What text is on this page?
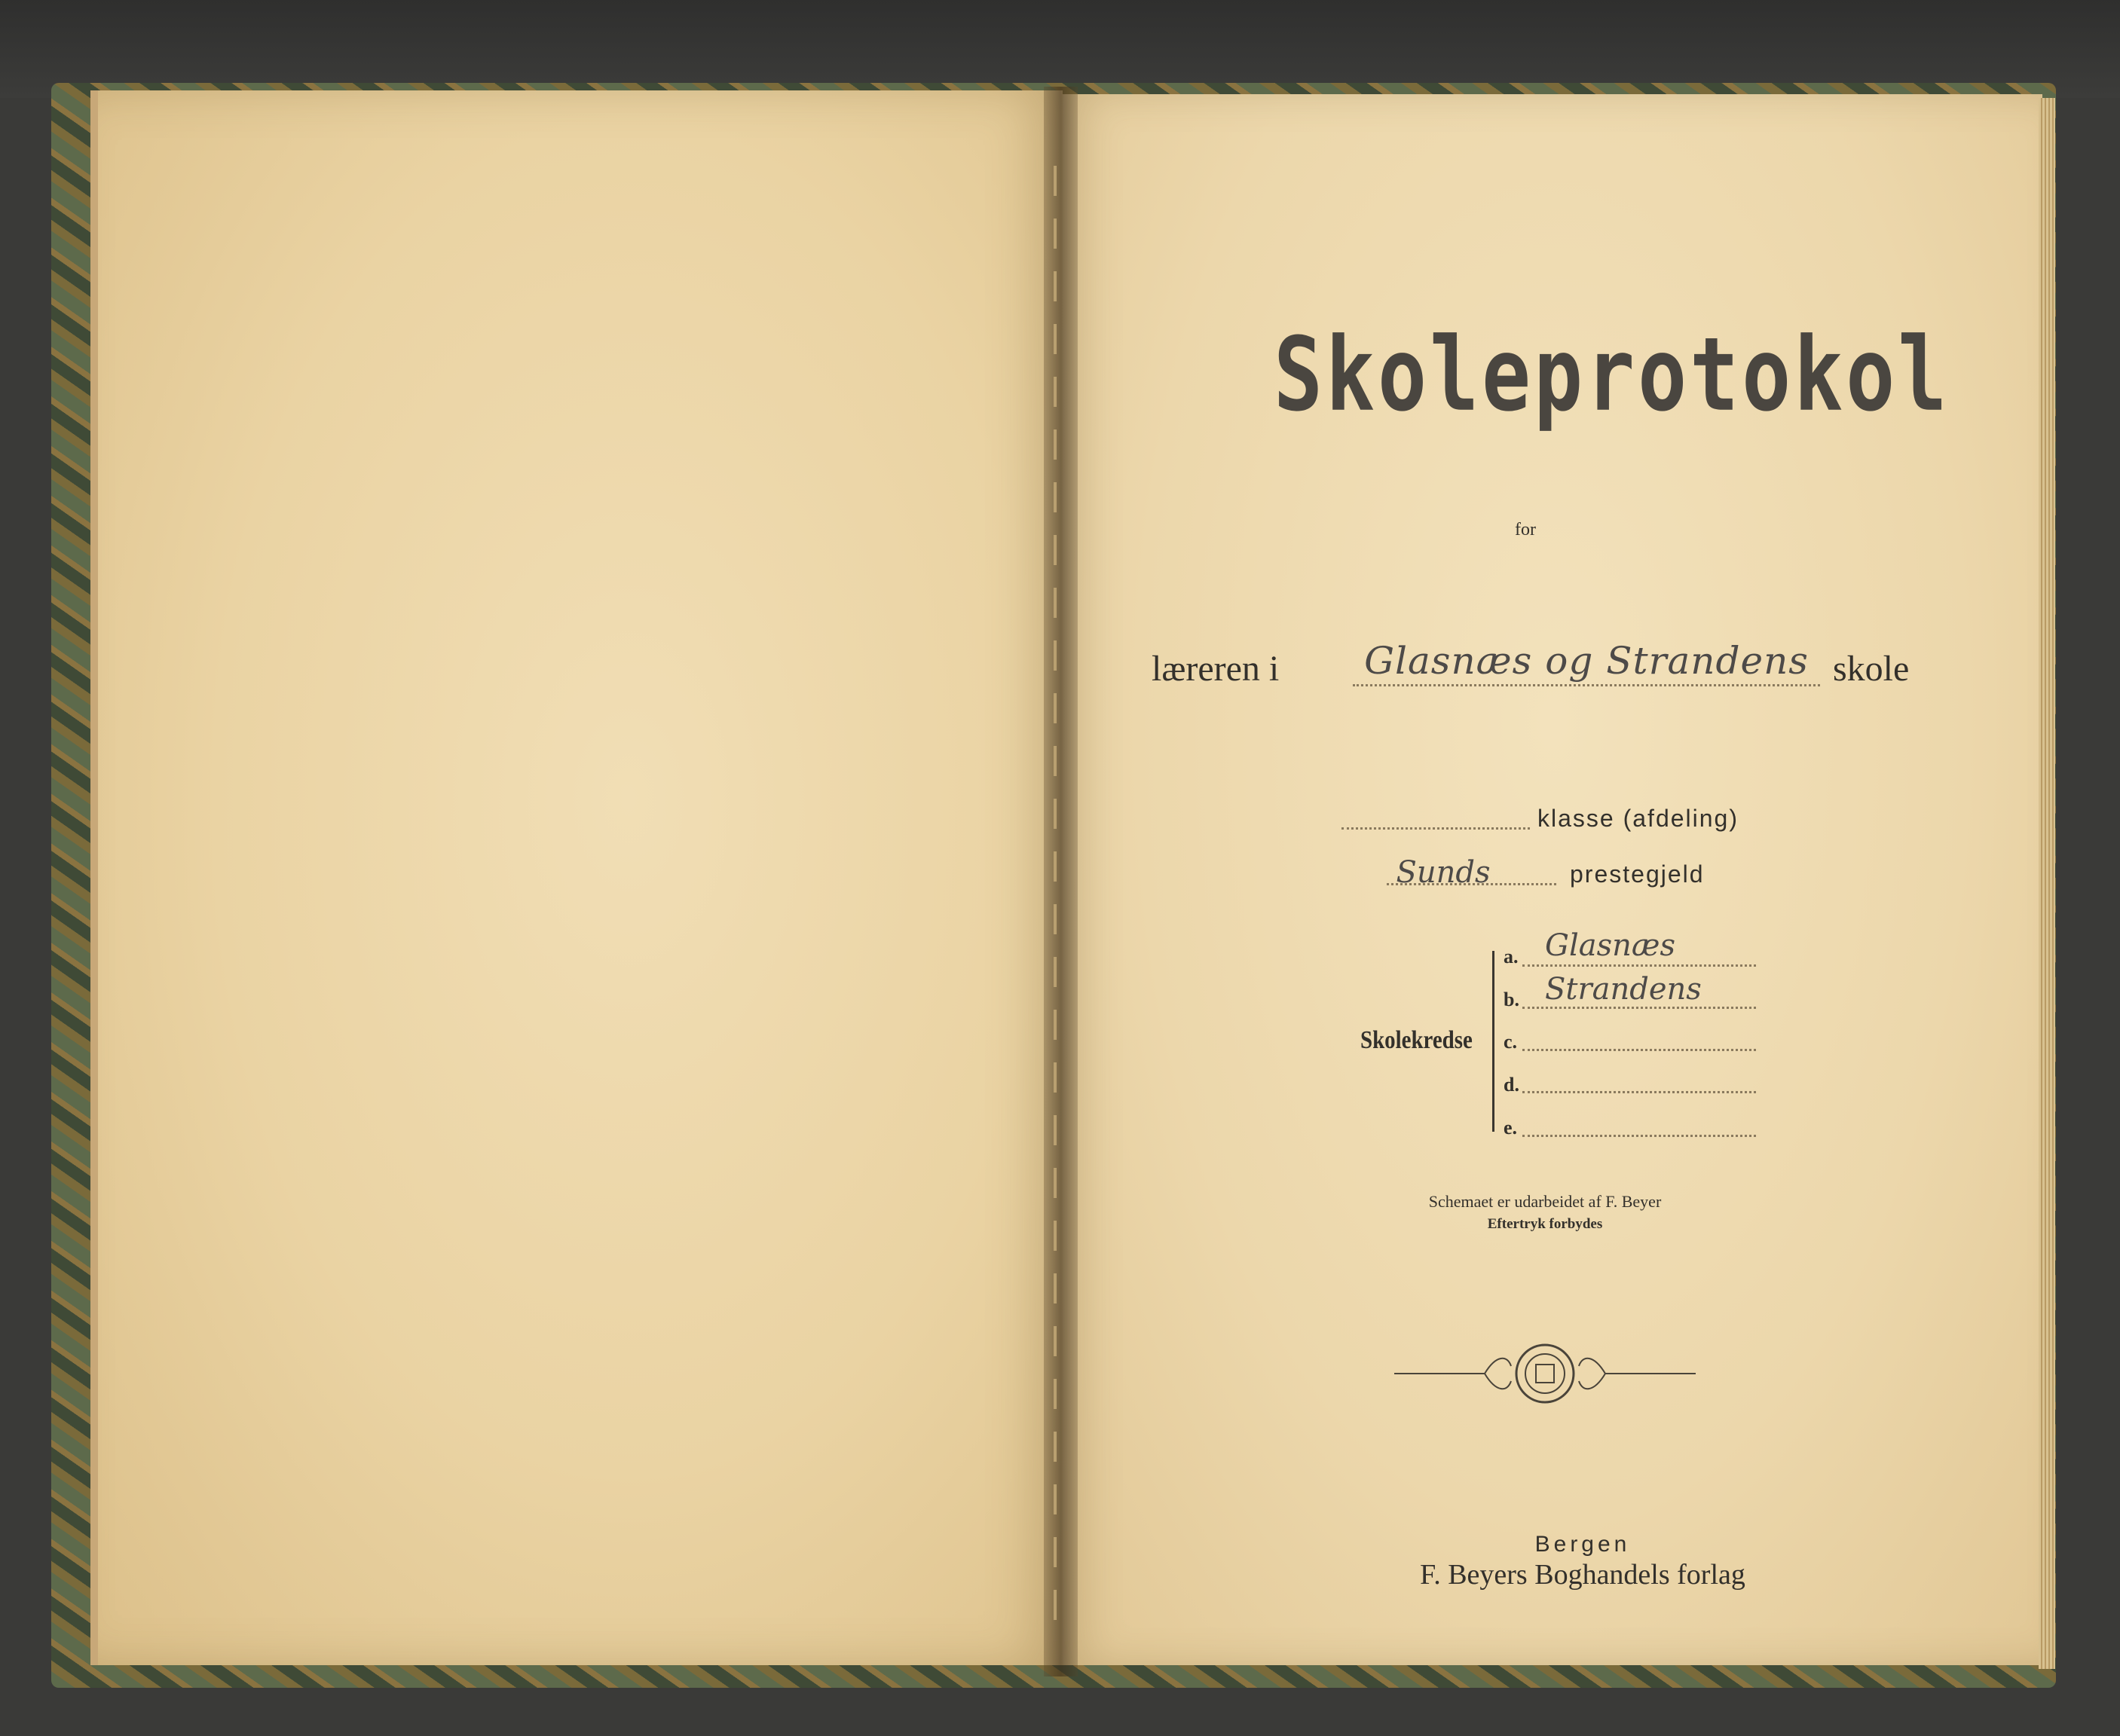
Skoleprotokol
for
læreren i	Glasnæs og Strandens skole
klasse (afdeling)
Sunds	prestegjeld
Skolekredse
a. Glasnæs
b. Strandens
c.
d.
e.
Schemaet er udarbeidet af F. Beyer
Eftertryk forbydes
Bergen
F. Beyers Boghandels forlag
